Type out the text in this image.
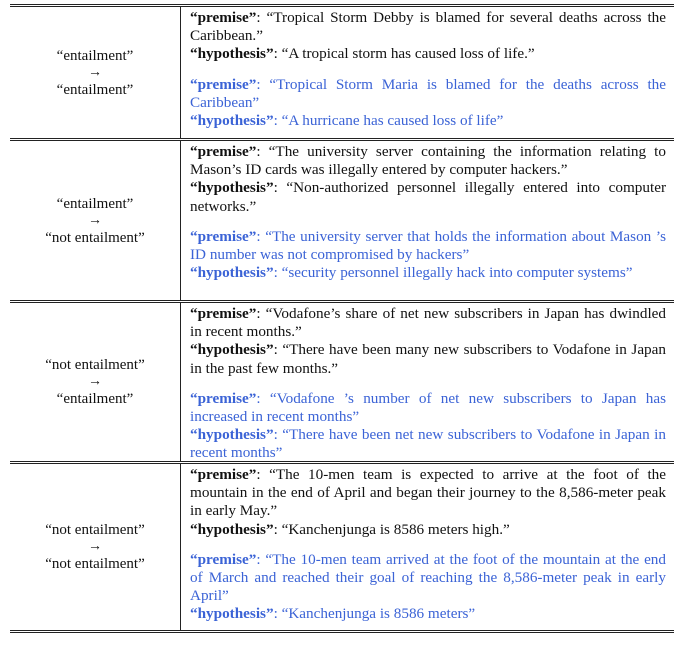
“entailment”
→
“entailment”

“premise”: “Tropical Storm Debby is blamed for several deaths across the Caribbean.”

“hypothesis”: “A tropical storm has caused loss of life.”

“premise”: “Tropical Storm Maria is blamed for the deaths across the Caribbean”

“hypothesis”: “A hurricane has caused loss of life”

“entailment”
→
“not entailment”

“premise”: “The university server containing the information relating to Mason’s ID cards was illegally entered by computer hackers.”

“hypothesis”: “Non-authorized personnel illegally entered into computer networks.”

“premise”: “The university server that holds the information about Mason ’s ID number was not compromised by hackers”

“hypothesis”: “security personnel illegally hack into computer systems”

“not entailment”
→
“entailment”

“premise”: “Vodafone’s share of net new subscribers in Japan has dwindled in recent months.”

“hypothesis”: “There have been many new subscribers to Vodafone in Japan in the past few months.”

“premise”: “Vodafone ’s number of net new subscribers to Japan has increased in recent months”

“hypothesis”: “There have been net new subscribers to Vodafone in Japan in recent months”

“not entailment”
→
“not entailment”

“premise”: “The 10-men team is expected to arrive at the foot of the mountain in the end of April and began their journey to the 8,586-meter peak in early May.”

“hypothesis”: “Kanchenjunga is 8586 meters high.”

“premise”: “The 10-men team arrived at the foot of the mountain at the end of March and reached their goal of reaching the 8,586-meter peak in early April”

“hypothesis”: “Kanchenjunga is 8586 meters”
